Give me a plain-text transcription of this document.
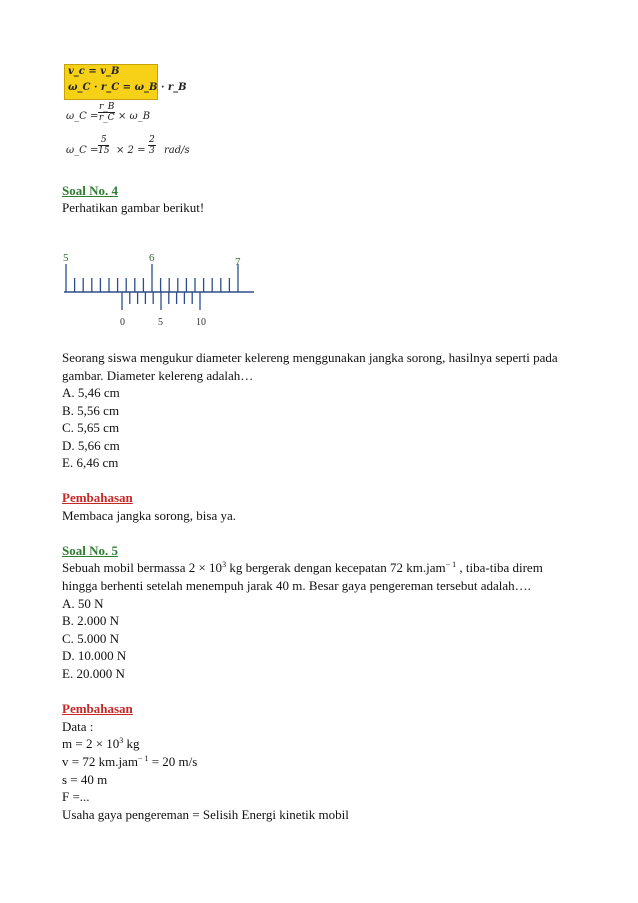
v_c = v_B
ω_C · r_C = ω_B · r_B
ω_C = $\frac{r\_B}{r\_C}$ × ω_B
ω_C = $\frac{5}{15} \times 2 = \frac{2}{3} rad/s$
Soal No. 4
Perhatikan gambar berikut!
5	6	7
0	5	10
Seorang siswa mengukur diameter kelereng menggunakan jangka sorong, hasilnya seperti pada
gambar. Diameter kelereng adalah…
A. 5,46 cm
B. 5,56 cm
C. 5,65 cm
D. 5,66 cm
E. 6,46 cm
Pembahasan
Membaca jangka sorong, bisa ya.
Soal No. 5
Sebuah mobil bermassa $2 \times 10^3$ kg bergerak dengan kecepatan 72 km.jam$^{- 1}$ , tiba-tiba direm
hingga berhenti setelah menempuh jarak 40 m. Besar gaya pengereman tersebut adalah….
A. 50 N
B. 2.000 N
C. 5.000 N
D. 10.000 N
E. 20.000 N
Pembahasan
Data :
$m = 2 \times 10^3$ kg
v = 72 km.jam$^{- 1}$ = 20 m/s
s = 40 m
F =...
Usaha gaya pengereman = Selisih Energi kinetik mobil
